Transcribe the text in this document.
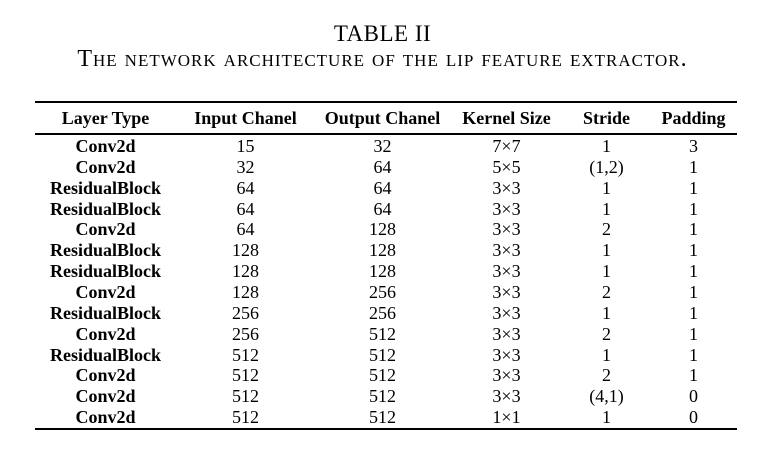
TABLE II
The network architecture of the lip feature extractor.
Layer Type	Input Chanel	Output Chanel	Kernel Size	Stride	Padding
Conv2d	15	32	7×7	1	3
Conv2d	32	64	5×5	(1,2)	1
ResidualBlock	64	64	3×3	1	1
ResidualBlock	64	64	3×3	1	1
Conv2d	64	128	3×3	2	1
ResidualBlock	128	128	3×3	1	1
ResidualBlock	128	128	3×3	1	1
Conv2d	128	256	3×3	2	1
ResidualBlock	256	256	3×3	1	1
Conv2d	256	512	3×3	2	1
ResidualBlock	512	512	3×3	1	1
Conv2d	512	512	3×3	2	1
Conv2d	512	512	3×3	(4,1)	0
Conv2d	512	512	1×1	1	0
